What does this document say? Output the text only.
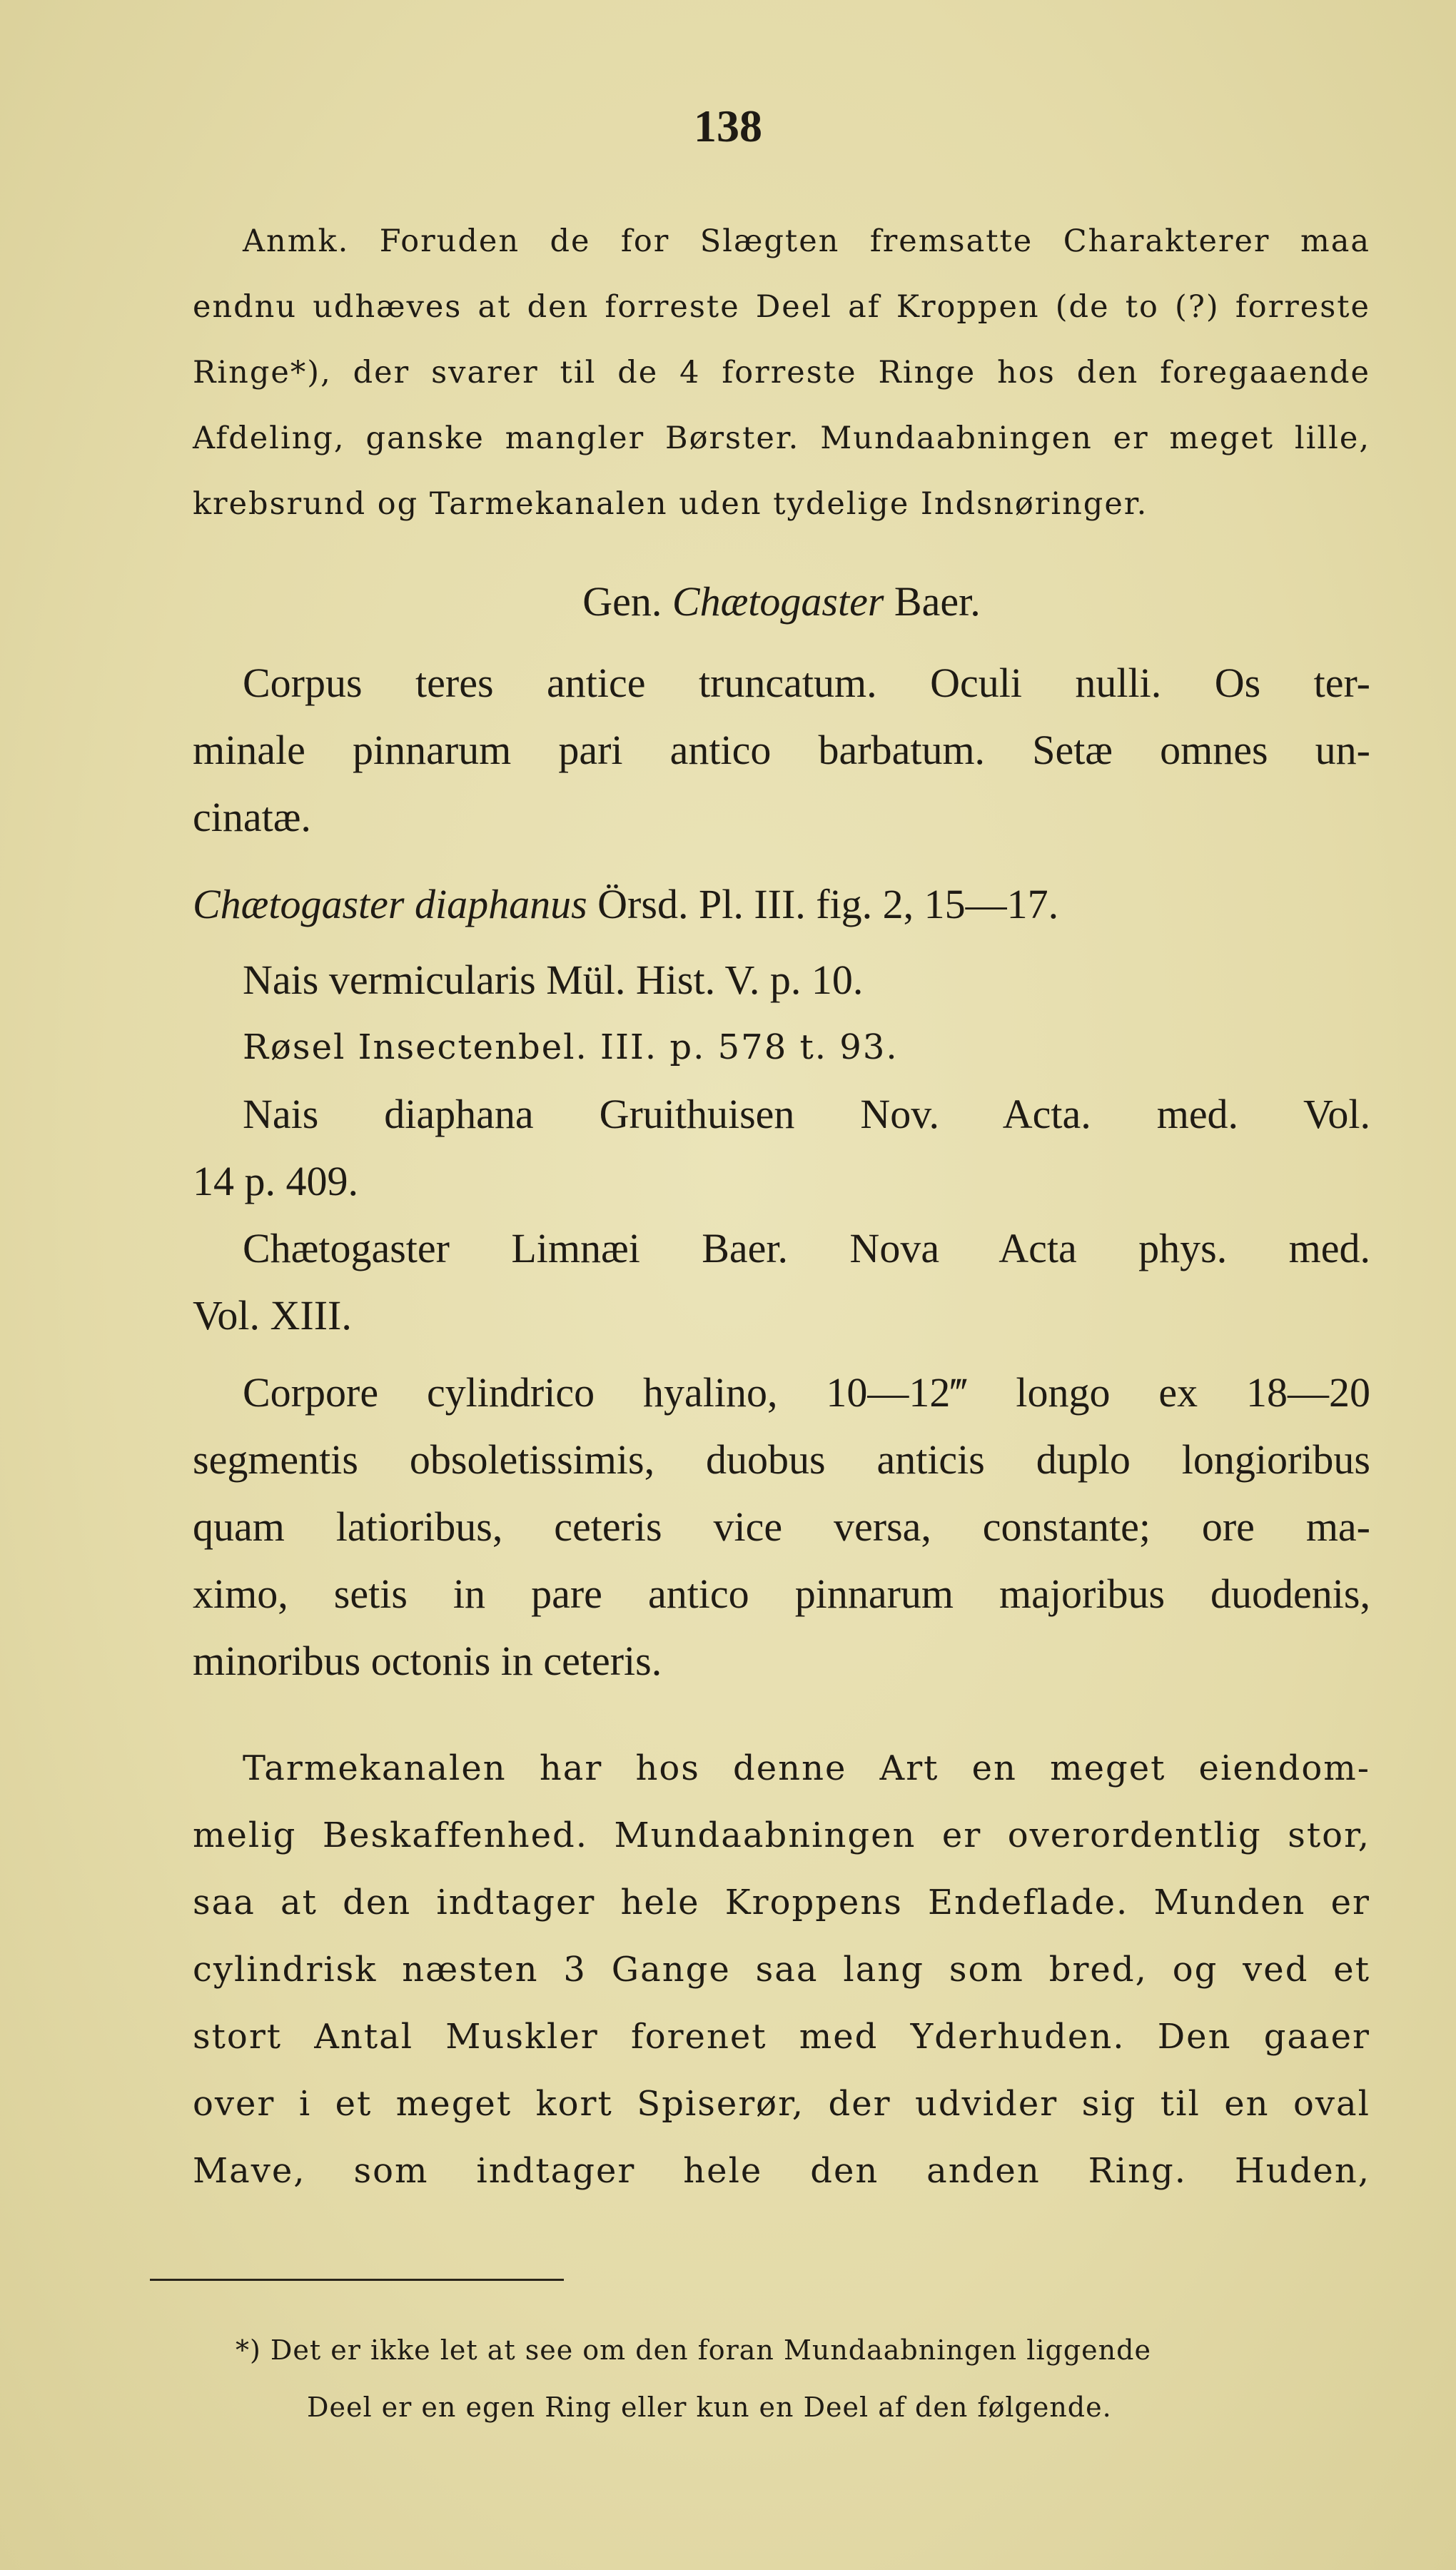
138
Anmk. Foruden de for Slægten fremsatte Charakterer maa
endnu udhæves at den forreste Deel af Kroppen (de to (?) forreste
Ringe*), der svarer til de 4 forreste Ringe hos den foregaaende
Afdeling, ganske mangler Børster. Mundaabningen er meget lille,
krebsrund og Tarmekanalen uden tydelige Indsnøringer.
Gen. Chætogaster Baer.
Corpus teres antice truncatum. Oculi nulli. Os ter-
minale pinnarum pari antico barbatum. Setæ omnes un-
cinatæ.
Chætogaster diaphanus Örsd. Pl. III. fig. 2, 15—17.
Nais vermicularis Mül. Hist. V. p. 10.
Røsel Insectenbel. III. p. 578 t. 93.
Nais diaphana Gruithuisen Nov. Acta. med. Vol.
14 p. 409.
Chætogaster Limnæi Baer. Nova Acta phys. med.
Vol. XIII.
Corpore cylindrico hyalino, 10—12‴ longo ex 18—20
segmentis obsoletissimis, duobus anticis duplo longioribus
quam latioribus, ceteris vice versa, constante; ore ma-
ximo, setis in pare antico pinnarum majoribus duodenis,
minoribus octonis in ceteris.
Tarmekanalen har hos denne Art en meget eiendom-
melig Beskaffenhed. Mundaabningen er overordentlig stor,
saa at den indtager hele Kroppens Endeflade. Munden er
cylindrisk næsten 3 Gange saa lang som bred, og ved et
stort Antal Muskler forenet med Yderhuden. Den gaaer
over i et meget kort Spiserør, der udvider sig til en oval
Mave, som indtager hele den anden Ring. Huden,
*) Det er ikke let at see om den foran Mundaabningen liggende
Deel er en egen Ring eller kun en Deel af den følgende.
